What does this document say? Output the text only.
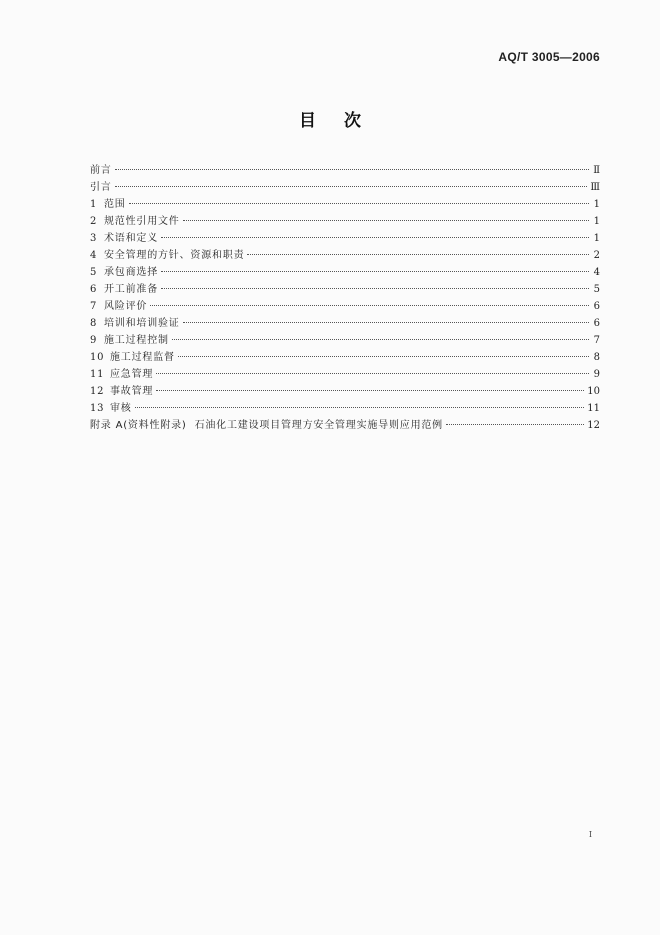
AQ/T 3005—2006
目次
前言	Ⅱ
引言	Ⅲ
1 范围	1
2 规范性引用文件	1
3 术语和定义	1
4 安全管理的方针、资源和职责	2
5 承包商选择	4
6 开工前准备	5
7 风险评价	6
8 培训和培训验证	6
9 施工过程控制	7
10 施工过程监督	8
11 应急管理	9
12 事故管理	10
13 审核	11
附录 A(资料性附录)  石油化工建设项目管理方安全管理实施导则应用范例	12
I
